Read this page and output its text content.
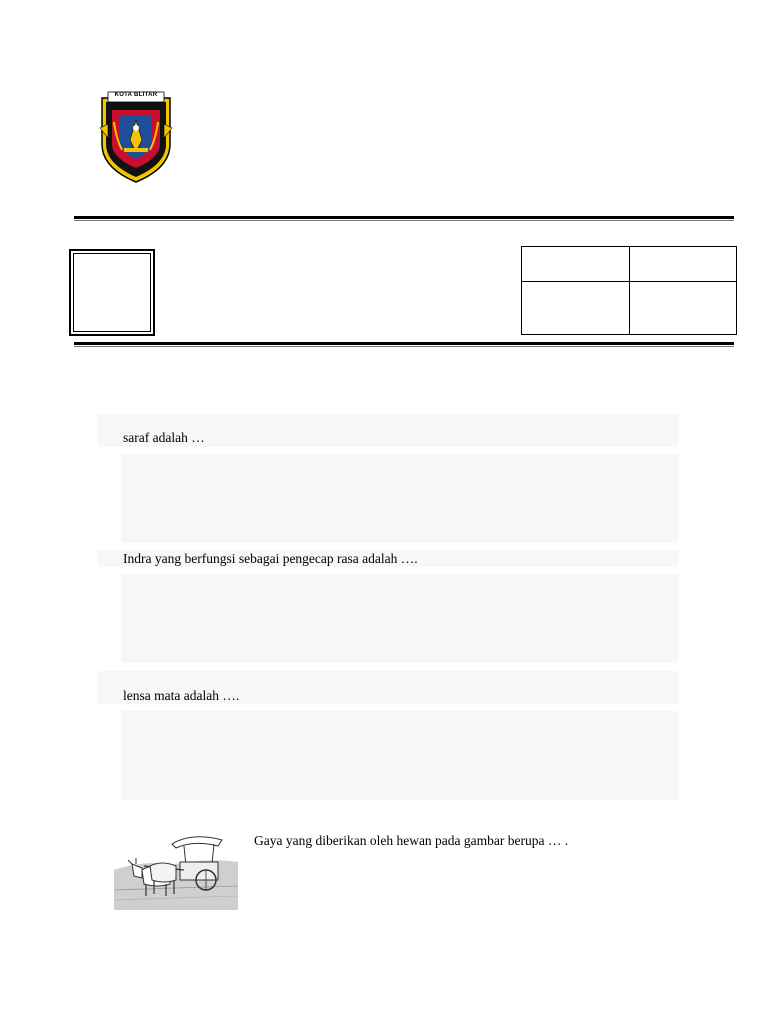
KOTA BLITAR

saraf adalah …
Indra yang berfungsi sebagai pengecap rasa adalah ….
lensa mata adalah ….
Gaya yang diberikan oleh hewan pada gambar berupa … .
